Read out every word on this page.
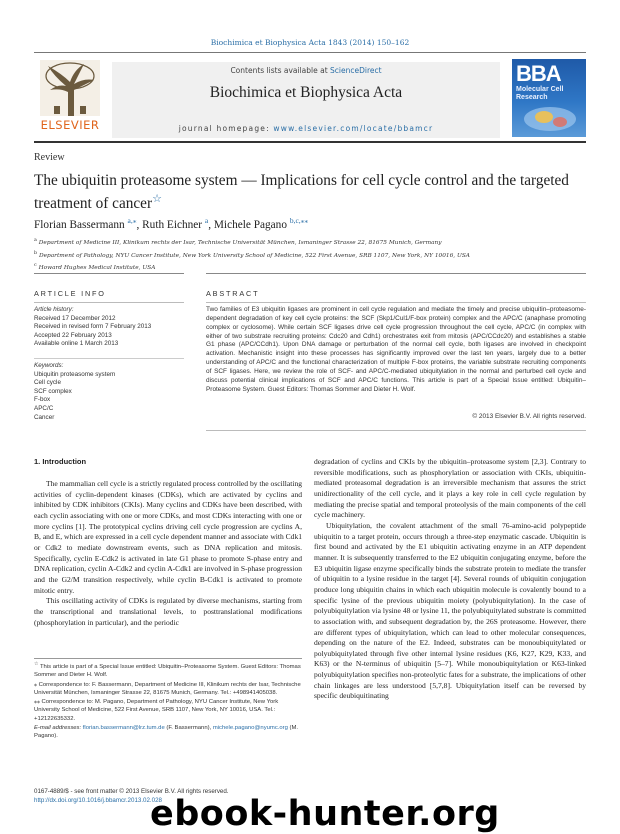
Biochimica et Biophysica Acta 1843 (2014) 150–162
ELSEVIER
Contents lists available at ScienceDirect
Biochimica et Biophysica Acta
journal homepage: www.elsevier.com/locate/bbamcr
BBA
Molecular Cell Research
Review
The ubiquitin proteasome system — Implications for cell cycle control and the targeted treatment of cancer☆
Florian Bassermann $^{a,⁎}$, Ruth Eichner $^a$, Michele Pagano $^{b,c,⁎⁎}$
$^a$ Department of Medicine III, Klinikum rechts der Isar, Technische Universität München, Ismaninger Strasse 22, 81675 Munich, Germany
$^b$ Department of Pathology, NYU Cancer Institute, New York University School of Medicine, 522 First Avenue, SRB 1107, New York, NY 10016, USA
$^c$ Howard Hughes Medical Institute, USA
ARTICLE INFO	ABSTRACT
Article history:
Received 17 December 2012
Received in revised form 7 February 2013
Accepted 22 February 2013
Available online 1 March 2013
Keywords:
Ubiquitin proteasome system
Cell cycle
SCF complex
F-box
APC/C
Cancer
Two families of E3 ubiquitin ligases are prominent in cell cycle regulation and mediate the timely and precise ubiquitin–proteasome-dependent degradation of key cell cycle proteins: the SCF (Skp1/Cul1/F-box protein) complex and the APC/C (anaphase promoting complex or cyclosome). While certain SCF ligases drive cell cycle progression throughout the cell cycle, APC/C (in complex with either of two substrate recruiting proteins: Cdc20 and Cdh1) orchestrates exit from mitosis (APC/CCdc20) and establishes a stable G1 phase (APC/CCdh1). Upon DNA damage or perturbation of the normal cell cycle, both ligases are involved in checkpoint activation. Mechanistic insight into these processes has significantly improved over the last ten years, largely due to a better understanding of APC/C and the functional characterization of multiple F-box proteins, the variable substrate recruiting components of SCF ligases. Here, we review the role of SCF- and APC/C-mediated ubiquitylation in the normal and perturbed cell cycle and discuss potential clinical implications of SCF and APC/C functions. This article is part of a Special Issue entitled: Ubiquitin–Proteasome System. Guest Editors: Thomas Sommer and Dieter H. Wolf.
© 2013 Elsevier B.V. All rights reserved.
1. Introduction

The mammalian cell cycle is a strictly regulated process controlled by the oscillating activities of cyclin-dependent kinases (CDKs), which are activated by cyclins and inhibited by CDK inhibitors (CKIs). Many cyclins and CDKs have been described, with each cyclin associating with one or more CDKs, and most CDKs interacting with one or more cyclins [1]. The prototypical cyclins driving cell cycle progression are cyclins A, B, and E, which are expressed in a cell cycle dependent manner and associate with Cdk1 or Cdk2 to mediate downstream events, such as DNA replication and mitosis. Specifically, cyclin E-Cdk2 is activated in late G1 phase to promote S-phase entry and DNA replication, cyclin A-Cdk2 and cyclin A-Cdk1 are involved in S-phase progression and the G2/M transition respectively, while cyclin B-Cdk1 is activated to promote mitotic entry.

This oscillating activity of CDKs is regulated by diverse mechanisms, starting from the transcriptional and translational levels, to posttranslational modifications (phosphorylation in particular), and the periodic

degradation of cyclins and CKIs by the ubiquitin–proteasome system [2,3]. Contrary to reversible modifications, such as phosphorylation or association with CKIs, ubiquitin-mediated proteasomal degradation is an irreversible mechanism that assures the strict unidirectionality of the cell cycle, and it plays a key role in cell cycle regulation by mediating the precise spatial and temporal proteolysis of the main components of the cell cycle machinery.

Ubiquitylation, the covalent attachment of the small 76-amino-acid polypeptide ubiquitin to a target protein, occurs through a three-step enzymatic cascade. Ubiquitin is first bound and activated by the E1 ubiquitin activating enzyme in an ATP dependent manner. It is subsequently transferred to the E2 ubiquitin conjugating enzyme, before the E3 ubiquitin ligase enzyme specifically binds the substrate protein to mediate the transfer of ubiquitin to a lysine residue in the target [4]. Several rounds of ubiquitin conjugation produce long ubiquitin chains in which each ubiquitin molecule is covalently bound to a specific lysine of the previous ubiquitin moiety (polyubiquitylation). In the case of polyubiquitylation via lysine 48 or lysine 11, the polyubiquitylated substrate is committed to association with, and subsequent degradation by, the 26S proteasome. However, there are different types of ubiquitylation, which can lead to other molecular consequences, depending on the nature of the E2. Indeed, substrates can be monoubiquitylated or polyubiquitylated through five other internal lysine residues (K6, K27, K29, K33, and K63) or the N-terminus of ubiquitin [5–7]. While monoubiquitylation or K63-linked polyubiquitylation specifies non-proteolytic fates for a substrate, the implications of other chain linkages are less understood [5,7,8]. Ubiquitylation itself can be reversed by specific deubiquitinating

☆ This article is part of a Special Issue entitled: Ubiquitin–Proteasome System. Guest Editors: Thomas Sommer and Dieter H. Wolf.

⁎ Correspondence to: F. Bassermann, Department of Medicine III, Klinikum rechts der Isar, Technische Universität München, Ismaninger Strasse 22, 81675 Munich, Germany. Tel.: +498941405038.

⁎⁎ Correspondence to: M. Pagano, Department of Pathology, NYU Cancer Institute, New York University School of Medicine, 522 First Avenue, SRB 1107, New York, NY 10016, USA. Tel.: +12122635332.

E-mail addresses: florian.bassermann@lrz.tum.de (F. Bassermann), michele.pagano@nyumc.org (M. Pagano).

0167-4889/$ - see front matter © 2013 Elsevier B.V. All rights reserved.
http://dx.doi.org/10.1016/j.bbamcr.2013.02.028
ebook-hunter.org
